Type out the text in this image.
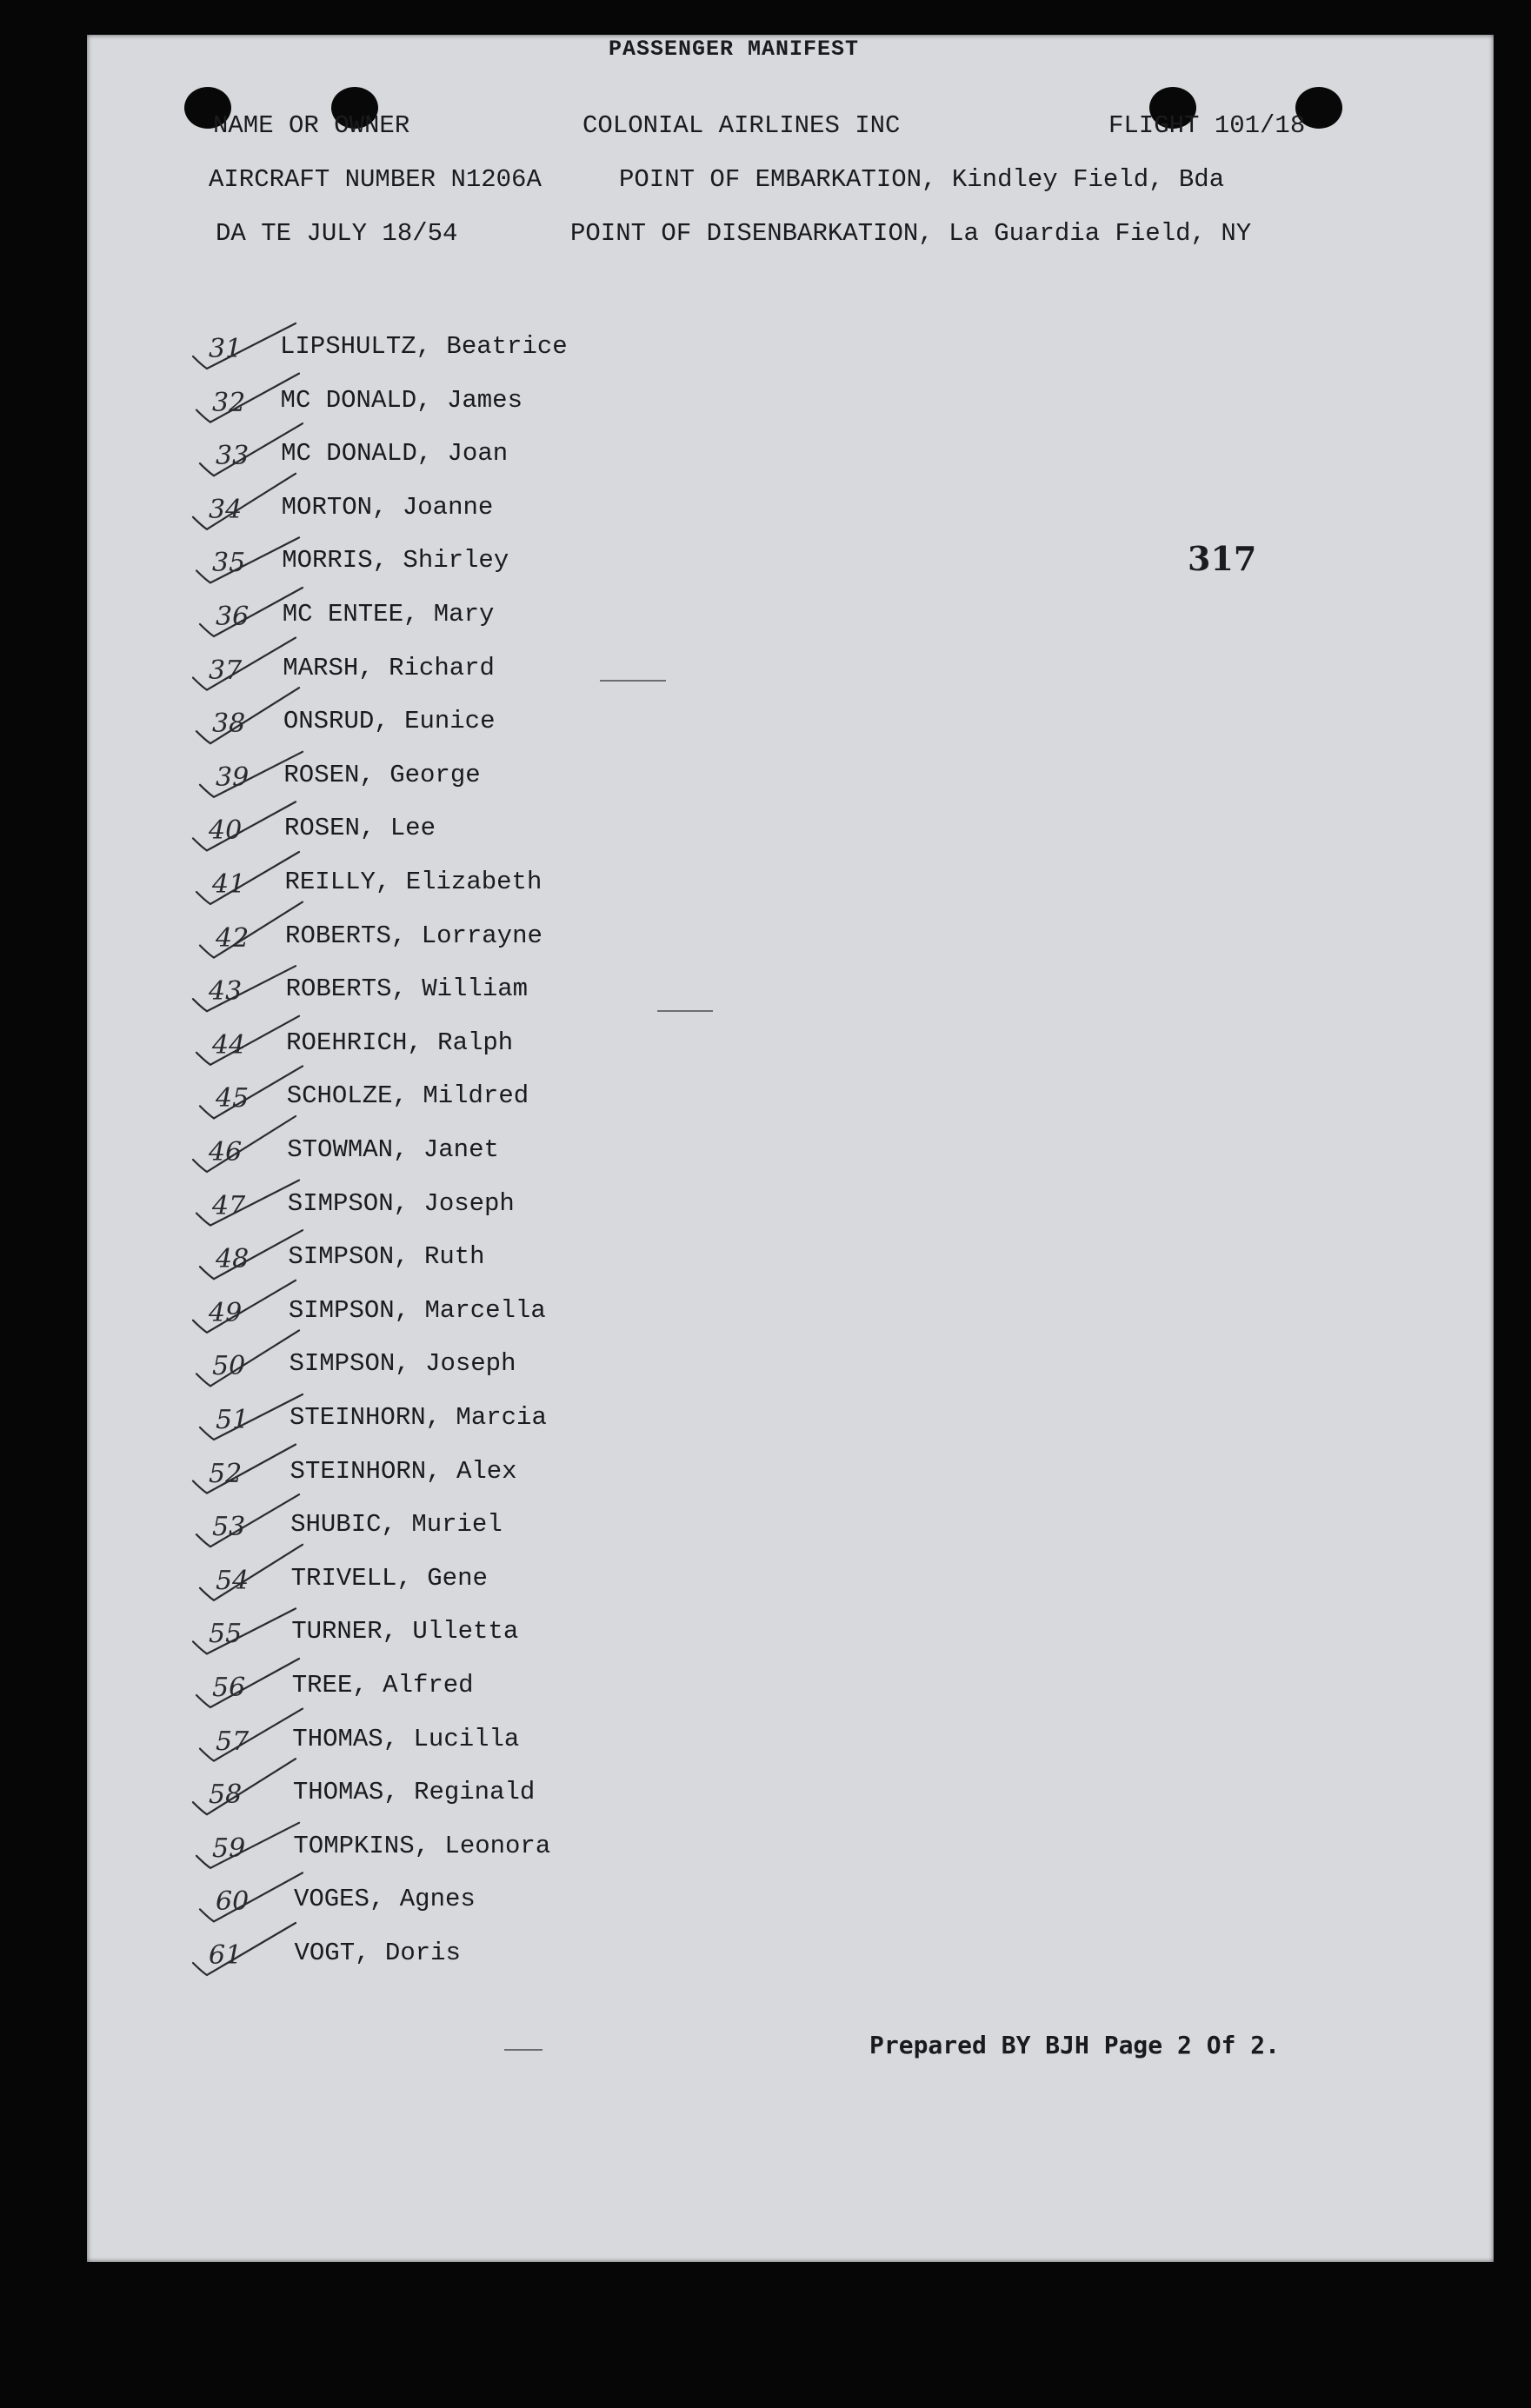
PASSENGER MANIFEST
NAME OR OWNER	COLONIAL AIRLINES INC	FLIGHT 101/18
AIRCRAFT NUMBER N1206A	POINT OF EMBARKATION, Kindley Field, Bda
DA TE JULY 18/54	POINT OF DISENBARKATION, La Guardia Field, NY
317
31 LIPSHULTZ, Beatrice
32 MC DONALD, James
33 MC DONALD, Joan
34 MORTON, Joanne
35 MORRIS, Shirley
36 MC ENTEE, Mary
37 MARSH, Richard
38 ONSRUD, Eunice
39 ROSEN, George
40 ROSEN, Lee
41 REILLY, Elizabeth
42 ROBERTS, Lorrayne
43 ROBERTS, William
44 ROEHRICH, Ralph
45 SCHOLZE, Mildred
46 STOWMAN, Janet
47 SIMPSON, Joseph
48 SIMPSON, Ruth
49 SIMPSON, Marcella
50 SIMPSON, Joseph
51 STEINHORN, Marcia
52 STEINHORN, Alex
53 SHUBIC, Muriel
54 TRIVELL, Gene
55 TURNER, Ulletta
56 TREE, Alfred
57 THOMAS, Lucilla
58 THOMAS, Reginald
59 TOMPKINS, Leonora
60 VOGES, Agnes
61 VOGT, Doris
Prepared BY BJH Page 2 Of 2.
